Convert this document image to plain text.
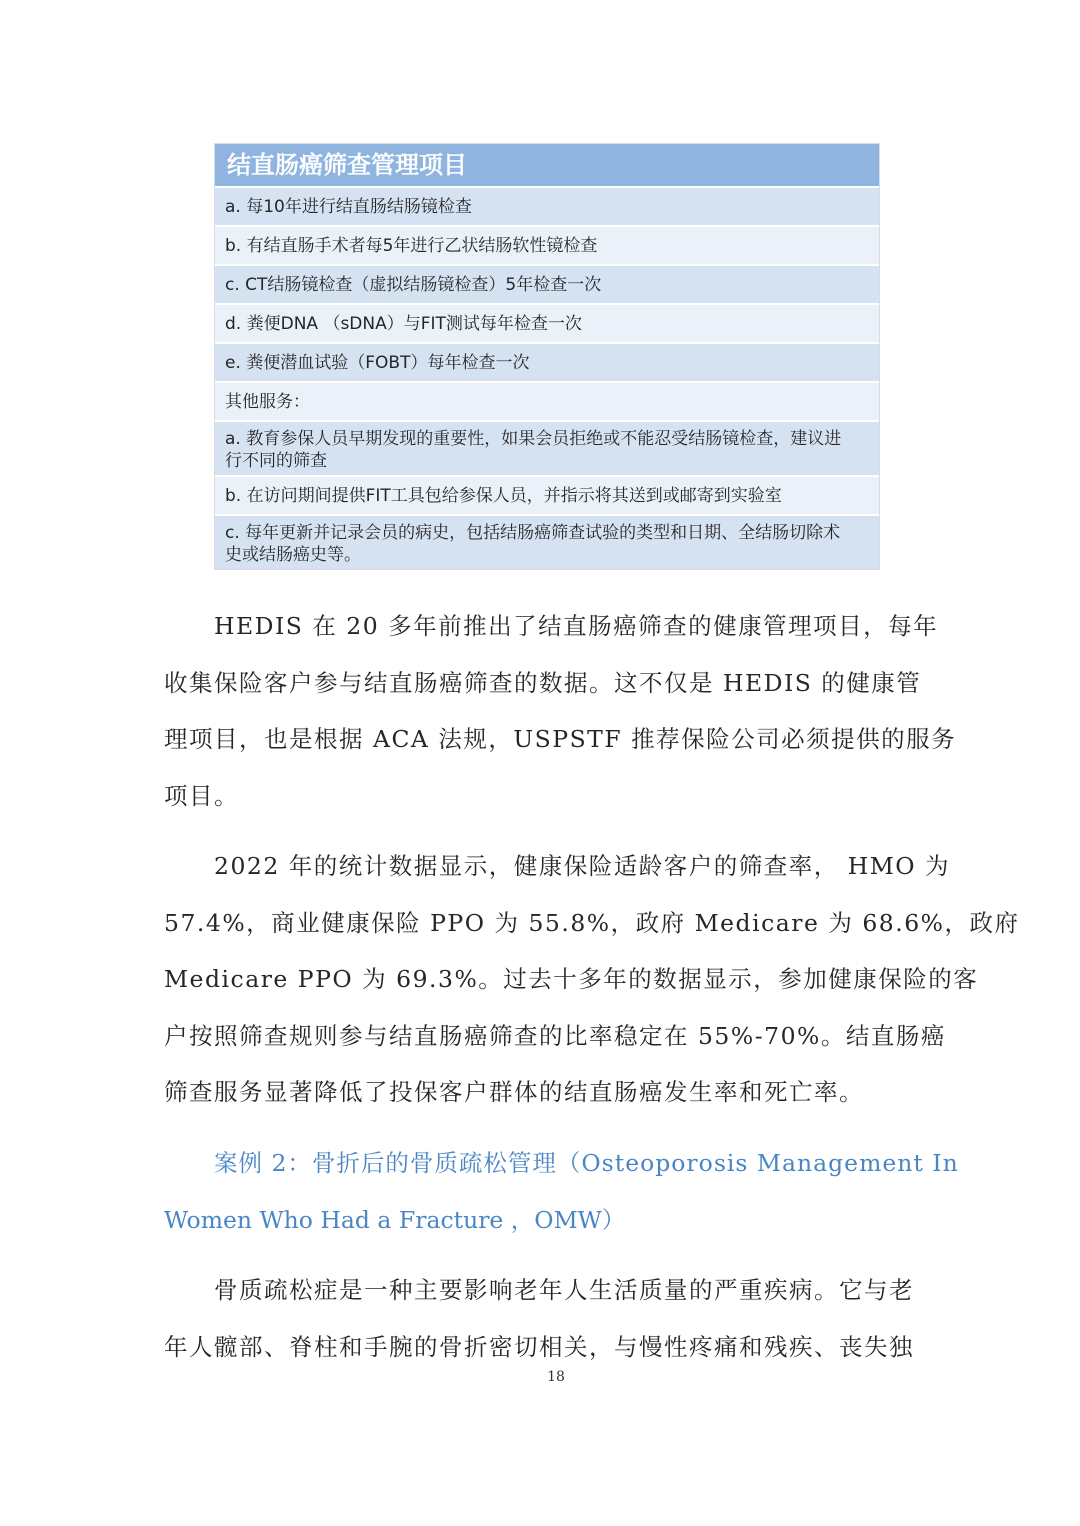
结直肠癌筛查管理项目
a. 每10年进行结直肠结肠镜检查
b. 有结直肠手术者每5年进行乙状结肠软性镜检查
c. CT结肠镜检查（虚拟结肠镜检查）5年检查一次
d. 粪便DNA （sDNA）与FIT测试每年检查一次
e. 粪便潜血试验（FOBT）每年检查一次
其他服务：
a. 教育参保人员早期发现的重要性，如果会员拒绝或不能忍受结肠镜检查，建议进
行不同的筛查
b. 在访问期间提供FIT工具包给参保人员，并指示将其送到或邮寄到实验室
c. 每年更新并记录会员的病史，包括结肠癌筛查试验的类型和日期、全结肠切除术
史或结肠癌史等。
HEDIS 在 20 多年前推出了结直肠癌筛查的健康管理项目，每年
收集保险客户参与结直肠癌筛查的数据。这不仅是 HEDIS 的健康管
理项目，也是根据 ACA 法规，USPSTF 推荐保险公司必须提供的服务
项目。
2022 年的统计数据显示，健康保险适龄客户的筛查率， HMO 为
57.4%，商业健康保险 PPO 为 55.8%，政府 Medicare 为 68.6%，政府
Medicare PPO 为 69.3%。过去十多年的数据显示，参加健康保险的客
户按照筛查规则参与结直肠癌筛查的比率稳定在 55%-70%。结直肠癌
筛查服务显著降低了投保客户群体的结直肠癌发生率和死亡率。
案例 2：骨折后的骨质疏松管理（Osteoporosis Management In
Women Who Had a Fracture ，OMW）
骨质疏松症是一种主要影响老年人生活质量的严重疾病。它与老
年人髋部、脊柱和手腕的骨折密切相关，与慢性疼痛和残疾、丧失独
18
